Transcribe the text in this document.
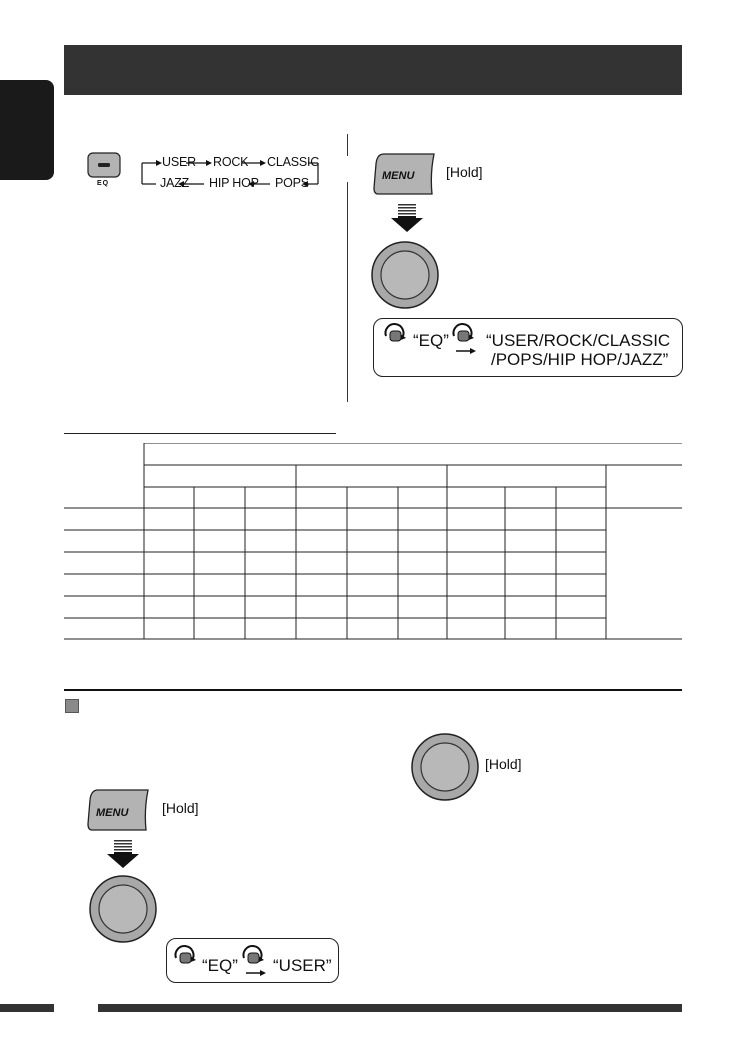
EQ
USER ROCK CLASSIC
JAZZ HIP HOP POPS	MENU [Hold]
“EQ” “USER/ROCK/CLASSIC
/POPS/HIP HOP/JAZZ”
[Hold]
MENU [Hold]
“EQ” “USER”
